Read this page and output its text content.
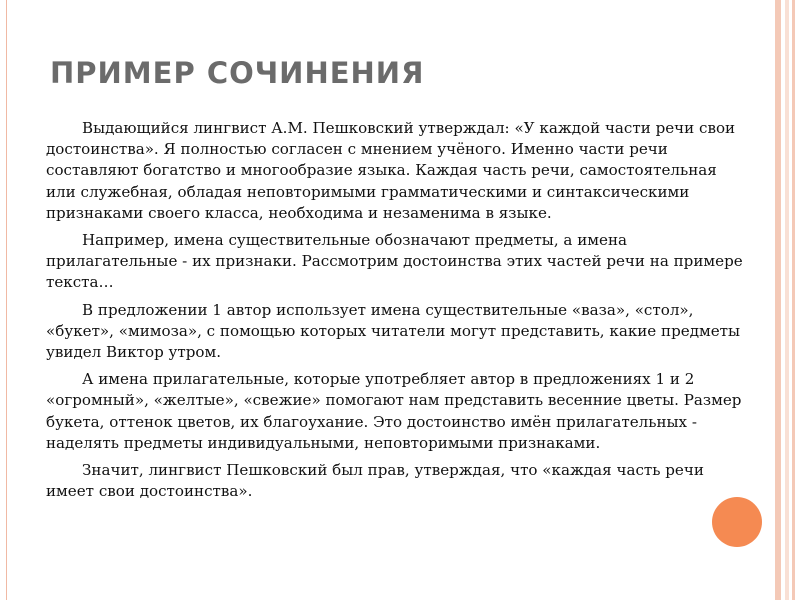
ПРИМЕР СОЧИНЕНИЯ

Выдающийся лингвист А.М. Пешковский утверждал: «У каждой части речи свои достоинства». Я полностью согласен с мнением учёного. Именно части речи составляют богатство и многообразие языка. Каждая часть речи, самостоятельная или служебная, обладая неповторимыми грамматическими и синтаксическими признаками своего класса, необходима и незаменима в языке.

Например, имена существительные обозначают предметы, а имена прилагательные - их признаки. Рассмотрим достоинства этих частей речи на примере текста…

В предложении 1 автор использует имена существительные «ваза», «стол», «букет», «мимоза», с помощью которых читатели могут представить, какие предметы увидел Виктор утром.

А имена прилагательные, которые употребляет автор в предложениях 1 и 2 «огромный», «желтые», «свежие» помогают нам представить весенние цветы. Размер букета, оттенок цветов, их благоухание. Это достоинство имён прилагательных - наделять предметы индивидуальными, неповторимыми признаками.

Значит, лингвист Пешковский был прав, утверждая, что «каждая часть речи имеет свои достоинства».
